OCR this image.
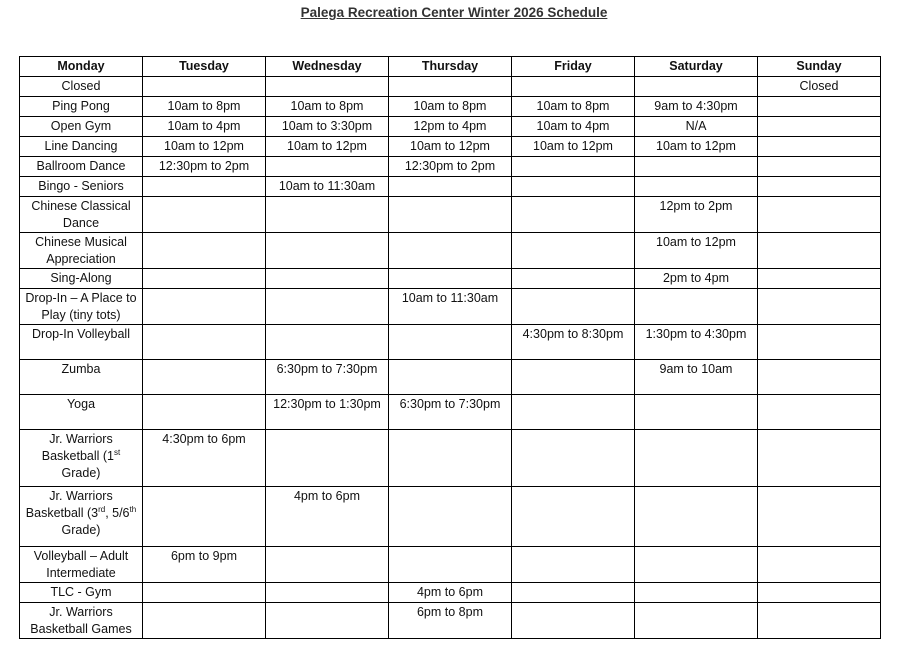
Palega Recreation Center Winter 2026 Schedule
Monday	Tuesday	Wednesday	Thursday	Friday	Saturday	Sunday
Closed						Closed
Ping Pong	10am to 8pm	10am to 8pm	10am to 8pm	10am to 8pm	9am to 4:30pm	
Open Gym	10am to 4pm	10am to 3:30pm	12pm to 4pm	10am to 4pm	N/A	
Line Dancing	10am to 12pm	10am to 12pm	10am to 12pm	10am to 12pm	10am to 12pm	
Ballroom Dance	12:30pm to 2pm		12:30pm to 2pm			
Bingo - Seniors		10am to 11:30am				
Chinese Classical Dance					12pm to 2pm	
Chinese Musical Appreciation					10am to 12pm	
Sing-Along					2pm to 4pm	
Drop-In – A Place to Play (tiny tots)			10am to 11:30am			
Drop-In Volleyball				4:30pm to 8:30pm	1:30pm to 4:30pm	
Zumba		6:30pm to 7:30pm			9am to 10am	
Yoga		12:30pm to 1:30pm	6:30pm to 7:30pm			
Jr. Warriors Basketball (1st Grade)	4:30pm to 6pm					
Jr. Warriors Basketball (3rd, 5/6th Grade)		4pm to 6pm				
Volleyball – Adult Intermediate	6pm to 9pm					
TLC - Gym			4pm to 6pm			
Jr. Warriors Basketball Games			6pm to 8pm			
